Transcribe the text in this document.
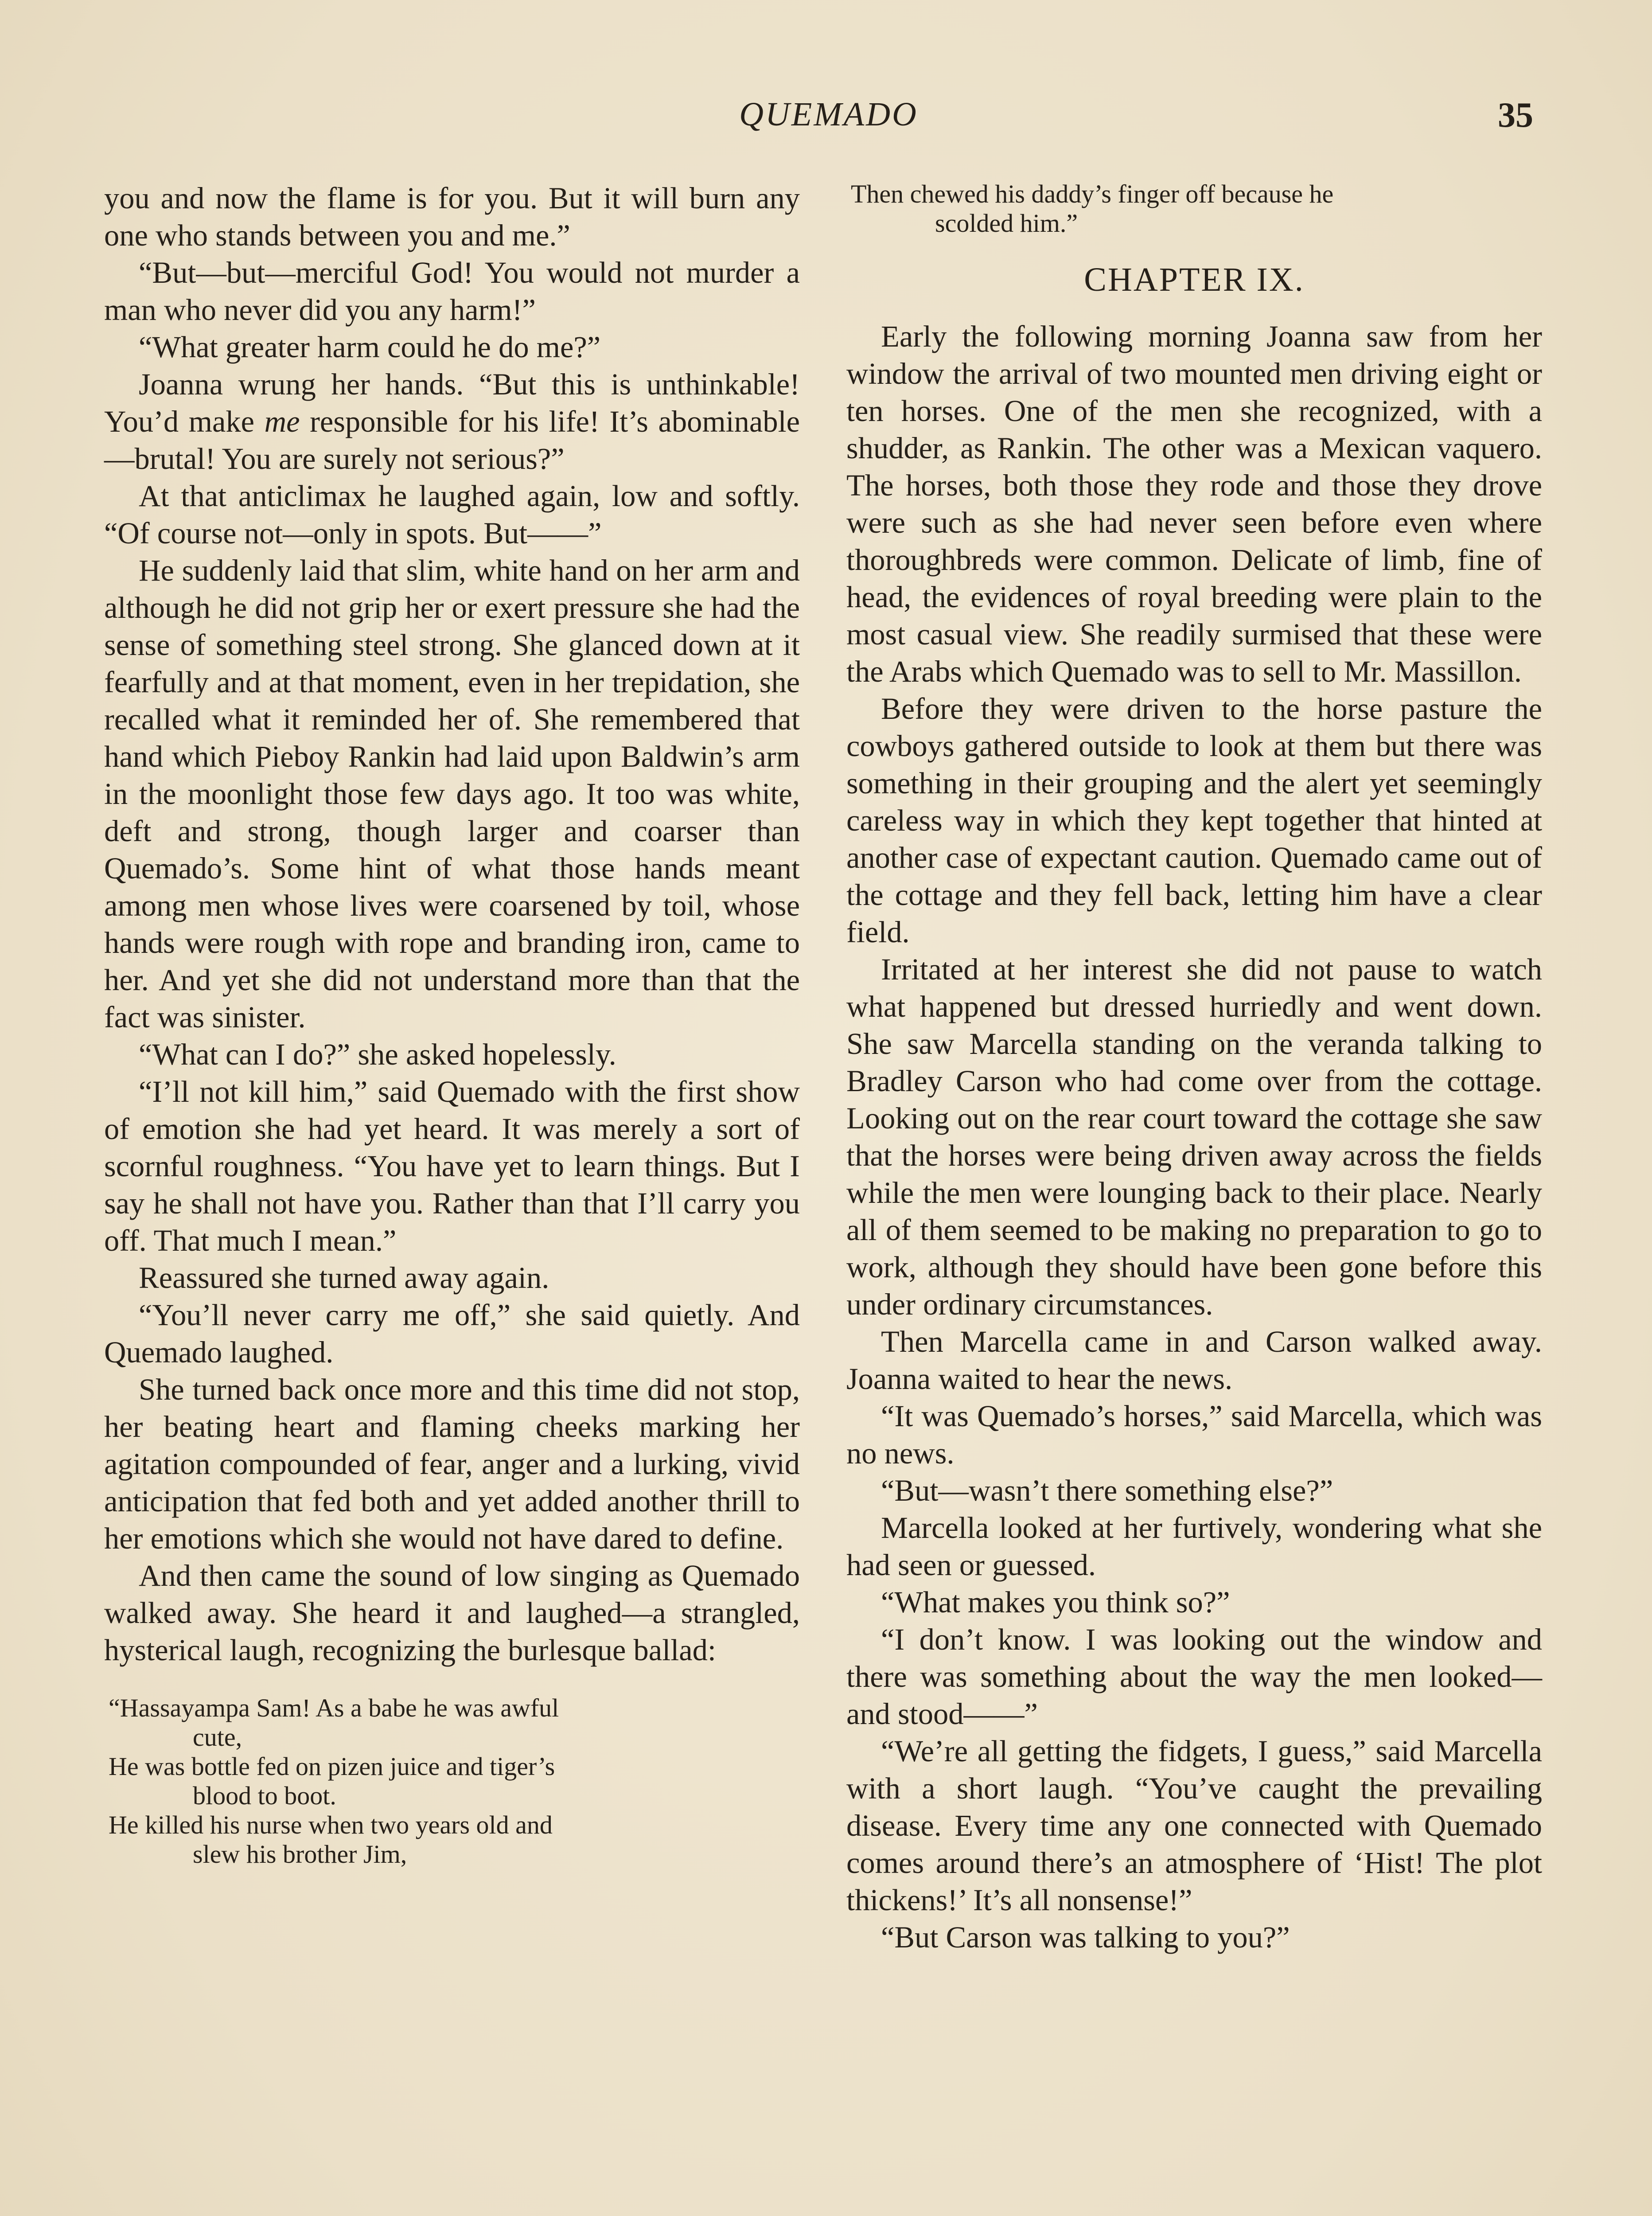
QUEMADO	35

you and now the flame is for you. But it will burn any one who stands between you and me.”

“But—but—merciful God! You would not murder a man who never did you any harm!”

“What greater harm could he do me?”

Joanna wrung her hands. “But this is unthinkable! You’d make me responsible for his life! It’s abominable—brutal! You are surely not serious?”

At that anticlimax he laughed again, low and softly. “Of course not—only in spots. But——”

He suddenly laid that slim, white hand on her arm and although he did not grip her or exert pressure she had the sense of something steel strong. She glanced down at it fearfully and at that moment, even in her trepidation, she recalled what it reminded her of. She remembered that hand which Pieboy Rankin had laid upon Baldwin’s arm in the moonlight those few days ago. It too was white, deft and strong, though larger and coarser than Quemado’s. Some hint of what those hands meant among men whose lives were coarsened by toil, whose hands were rough with rope and branding iron, came to her. And yet she did not understand more than that the fact was sinister.

“What can I do?” she asked hopelessly.

“I’ll not kill him,” said Quemado with the first show of emotion she had yet heard. It was merely a sort of scornful roughness. “You have yet to learn things. But I say he shall not have you. Rather than that I’ll carry you off. That much I mean.”

Reassured she turned away again.

“You’ll never carry me off,” she said quietly. And Quemado laughed.

She turned back once more and this time did not stop, her beating heart and flaming cheeks marking her agitation compounded of fear, anger and a lurking, vivid anticipation that fed both and yet added another thrill to her emotions which she would not have dared to define.

And then came the sound of low singing as Quemado walked away. She heard it and laughed—a strangled, hysterical laugh, recognizing the burlesque ballad:

“Hassayampa Sam! As a babe he was awful

cute,

He was bottle fed on pizen juice and tiger’s

blood to boot.

He killed his nurse when two years old and

slew his brother Jim,

Then chewed his daddy’s finger off because he

scolded him.”

CHAPTER IX.

Early the following morning Joanna saw from her window the arrival of two mounted men driving eight or ten horses. One of the men she recognized, with a shudder, as Rankin. The other was a Mexican vaquero. The horses, both those they rode and those they drove were such as she had never seen before even where thoroughbreds were common. Delicate of limb, fine of head, the evidences of royal breeding were plain to the most casual view. She readily surmised that these were the Arabs which Quemado was to sell to Mr. Massillon.

Before they were driven to the horse pasture the cowboys gathered outside to look at them but there was something in their grouping and the alert yet seemingly careless way in which they kept together that hinted at another case of expectant caution. Quemado came out of the cottage and they fell back, letting him have a clear field.

Irritated at her interest she did not pause to watch what happened but dressed hurriedly and went down. She saw Marcella standing on the veranda talking to Bradley Carson who had come over from the cottage. Looking out on the rear court toward the cottage she saw that the horses were being driven away across the fields while the men were lounging back to their place. Nearly all of them seemed to be making no preparation to go to work, although they should have been gone before this under ordinary circumstances.

Then Marcella came in and Carson walked away. Joanna waited to hear the news.

“It was Quemado’s horses,” said Marcella, which was no news.

“But—wasn’t there something else?”

Marcella looked at her furtively, wondering what she had seen or guessed.

“What makes you think so?”

“I don’t know. I was looking out the window and there was something about the way the men looked—and stood——”

“We’re all getting the fidgets, I guess,” said Marcella with a short laugh. “You’ve caught the prevailing disease. Every time any one connected with Quemado comes around there’s an atmosphere of ‘Hist! The plot thickens!’ It’s all nonsense!”

“But Carson was talking to you?”
